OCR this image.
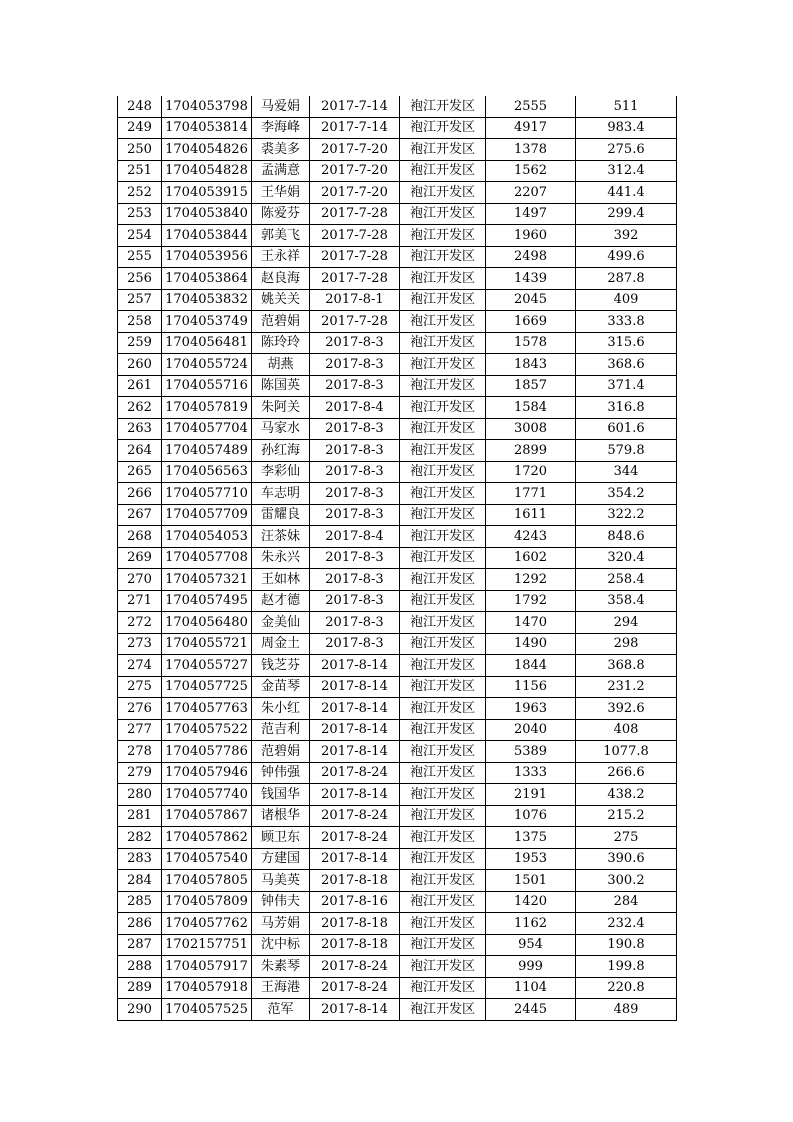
248	1704053798	马爱娟	2017-7-14	袍江开发区	2555	511
249	1704053814	李海峰	2017-7-14	袍江开发区	4917	983.4
250	1704054826	裘美多	2017-7-20	袍江开发区	1378	275.6
251	1704054828	孟满意	2017-7-20	袍江开发区	1562	312.4
252	1704053915	王华娟	2017-7-20	袍江开发区	2207	441.4
253	1704053840	陈爱芬	2017-7-28	袍江开发区	1497	299.4
254	1704053844	郭美飞	2017-7-28	袍江开发区	1960	392
255	1704053956	王永祥	2017-7-28	袍江开发区	2498	499.6
256	1704053864	赵良海	2017-7-28	袍江开发区	1439	287.8
257	1704053832	姚关关	2017-8-1	袍江开发区	2045	409
258	1704053749	范碧娟	2017-7-28	袍江开发区	1669	333.8
259	1704056481	陈玲玲	2017-8-3	袍江开发区	1578	315.6
260	1704055724	胡燕	2017-8-3	袍江开发区	1843	368.6
261	1704055716	陈国英	2017-8-3	袍江开发区	1857	371.4
262	1704057819	朱阿关	2017-8-4	袍江开发区	1584	316.8
263	1704057704	马家水	2017-8-3	袍江开发区	3008	601.6
264	1704057489	孙红海	2017-8-3	袍江开发区	2899	579.8
265	1704056563	李彩仙	2017-8-3	袍江开发区	1720	344
266	1704057710	车志明	2017-8-3	袍江开发区	1771	354.2
267	1704057709	雷耀良	2017-8-3	袍江开发区	1611	322.2
268	1704054053	汪茶妹	2017-8-4	袍江开发区	4243	848.6
269	1704057708	朱永兴	2017-8-3	袍江开发区	1602	320.4
270	1704057321	王如林	2017-8-3	袍江开发区	1292	258.4
271	1704057495	赵才德	2017-8-3	袍江开发区	1792	358.4
272	1704056480	金美仙	2017-8-3	袍江开发区	1470	294
273	1704055721	周金土	2017-8-3	袍江开发区	1490	298
274	1704055727	钱芝芬	2017-8-14	袍江开发区	1844	368.8
275	1704057725	金苗琴	2017-8-14	袍江开发区	1156	231.2
276	1704057763	朱小红	2017-8-14	袍江开发区	1963	392.6
277	1704057522	范吉利	2017-8-14	袍江开发区	2040	408
278	1704057786	范碧娟	2017-8-14	袍江开发区	5389	1077.8
279	1704057946	钟伟强	2017-8-24	袍江开发区	1333	266.6
280	1704057740	钱国华	2017-8-14	袍江开发区	2191	438.2
281	1704057867	诸根华	2017-8-24	袍江开发区	1076	215.2
282	1704057862	顾卫东	2017-8-24	袍江开发区	1375	275
283	1704057540	方建国	2017-8-14	袍江开发区	1953	390.6
284	1704057805	马美英	2017-8-18	袍江开发区	1501	300.2
285	1704057809	钟伟夫	2017-8-16	袍江开发区	1420	284
286	1704057762	马芳娟	2017-8-18	袍江开发区	1162	232.4
287	1702157751	沈中标	2017-8-18	袍江开发区	954	190.8
288	1704057917	朱素琴	2017-8-24	袍江开发区	999	199.8
289	1704057918	王海港	2017-8-24	袍江开发区	1104	220.8
290	1704057525	范军	2017-8-14	袍江开发区	2445	489
